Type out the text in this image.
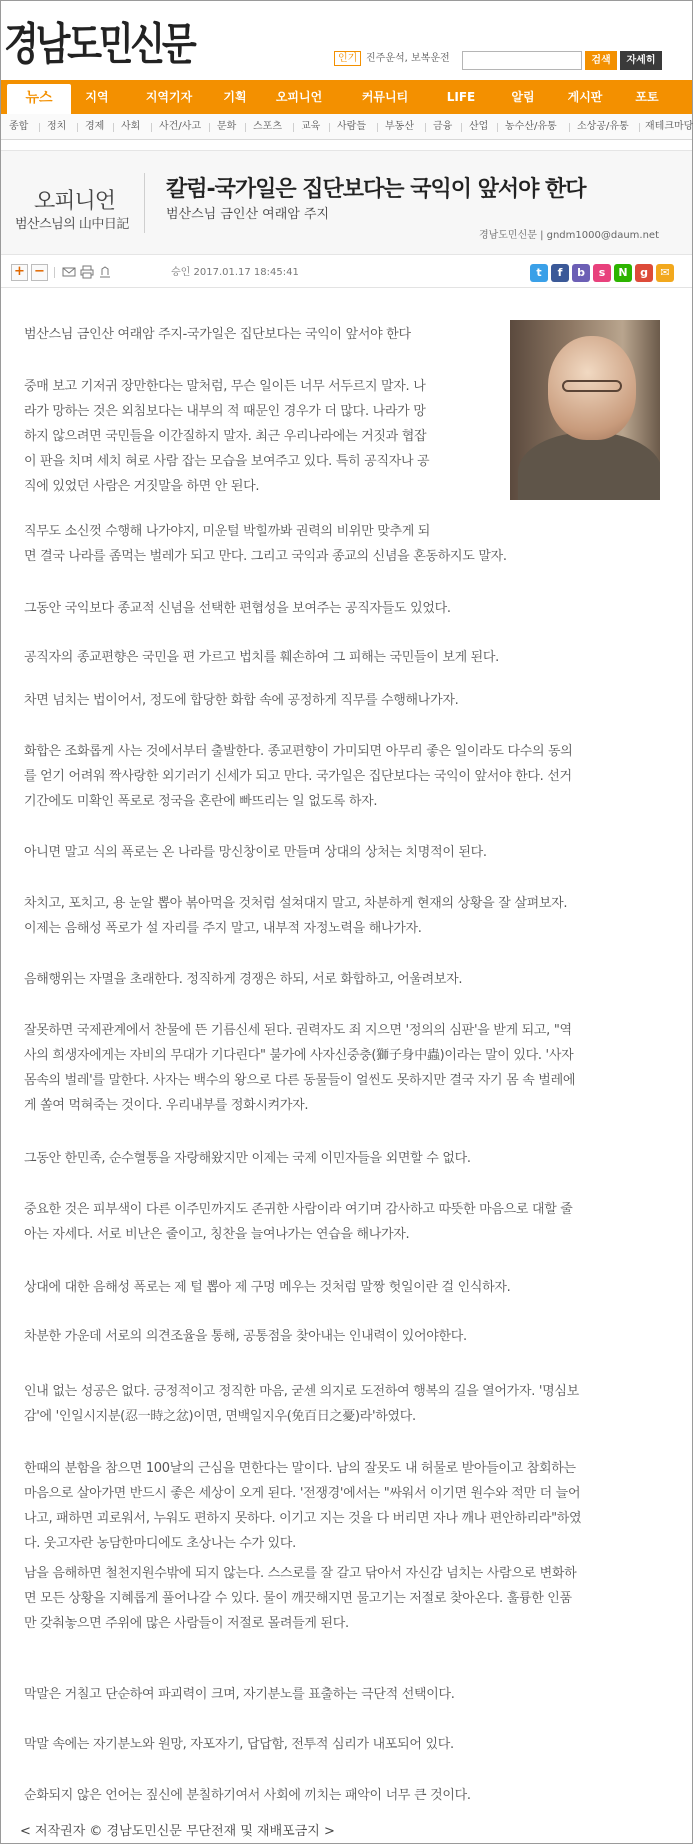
경남도민신문	인기 진주운석, 보복운전	검색	자세히
뉴스	지역	지역기자	기획	오피니언	커뮤니티	LIFE	알림	게시판	포토
종합 정치 경제 사회 사건/사고 문화 스포츠 교육 사람들 부동산 금융 산업 농수산/유통 소상공/유통 재테크마당
오피니언
범산스님의 山中日記
칼럼-국가일은 집단보다는 국익이 앞서야 한다
범산스님 금인산 여래암 주지
경남도민신문 | gndm1000@daum.net
+ −	승인 2017.01.17 18:45:41	t	f	b	s	N	g	✉
범산스님 금인산 여래암 주지-국가일은 집단보다는 국익이 앞서야 한다
중매 보고 기저귀 장만한다는 말처럼, 무슨 일이든 너무 서두르지 말자. 나
라가 망하는 것은 외침보다는 내부의 적 때문인 경우가 더 많다. 나라가 망
하지 않으려면 국민들을 이간질하지 말자. 최근 우리나라에는 거짓과 협잡
이 판을 치며 세치 혀로 사람 잡는 모습을 보여주고 있다. 특히 공직자나 공
직에 있었던 사람은 거짓말을 하면 안 된다.
직무도 소신껏 수행해 나가야지, 미운털 박힐까봐 권력의 비위만 맞추게 되
면 결국 나라를 좀먹는 벌레가 되고 만다. 그리고 국익과 종교의 신념을 혼동하지도 말자.
그동안 국익보다 종교적 신념을 선택한 편협성을 보여주는 공직자들도 있었다.
공직자의 종교편향은 국민을 편 가르고 법치를 훼손하여 그 피해는 국민들이 보게 된다.
차면 넘치는 법이어서, 정도에 합당한 화합 속에 공정하게 직무를 수행해나가자.
화합은 조화롭게 사는 것에서부터 출발한다. 종교편향이 가미되면 아무리 좋은 일이라도 다수의 동의
를 얻기 어려워 짝사랑한 외기러기 신세가 되고 만다. 국가일은 집단보다는 국익이 앞서야 한다. 선거
기간에도 미확인 폭로로 정국을 혼란에 빠뜨리는 일 없도록 하자.
아니면 말고 식의 폭로는 온 나라를 망신창이로 만들며 상대의 상처는 치명적이 된다.
차치고, 포치고, 용 눈알 뽑아 볶아먹을 것처럼 설쳐대지 말고, 차분하게 현재의 상황을 잘 살펴보자.
이제는 음해성 폭로가 설 자리를 주지 말고, 내부적 자정노력을 해나가자.
음해행위는 자멸을 초래한다. 정직하게 경쟁은 하되, 서로 화합하고, 어울려보자.
잘못하면 국제관계에서 찬물에 뜬 기름신세 된다. 권력자도 죄 지으면 '정의의 심판'을 받게 되고, "역
사의 희생자에게는 자비의 무대가 기다린다" 불가에 사자신중충(獅子身中蟲)이라는 말이 있다. '사자
몸속의 벌레'를 말한다. 사자는 백수의 왕으로 다른 동물들이 얼씬도 못하지만 결국 자기 몸 속 벌레에
게 쏠여 먹혀죽는 것이다. 우리내부를 정화시켜가자.
그동안 한민족, 순수혈통을 자랑해왔지만 이제는 국제 이민자들을 외면할 수 없다.
중요한 것은 피부색이 다른 이주민까지도 존귀한 사람이라 여기며 감사하고 따뜻한 마음으로 대할 줄
아는 자세다. 서로 비난은 줄이고, 칭찬을 늘여나가는 연습을 해나가자.
상대에 대한 음해성 폭로는 제 털 뽑아 제 구멍 메우는 것처럼 말짱 헛일이란 걸 인식하자.
차분한 가운데 서로의 의견조율을 통해, 공통점을 찾아내는 인내력이 있어야한다.
인내 없는 성공은 없다. 긍정적이고 정직한 마음, 굳센 의지로 도전하여 행복의 길을 열어가자. '명심보
감'에 '인일시지분(忍一時之忿)이면, 면백일지우(免百日之憂)라'하였다.
한때의 분함을 참으면 100날의 근심을 면한다는 말이다. 남의 잘못도 내 허물로 받아들이고 참회하는
마음으로 살아가면 반드시 좋은 세상이 오게 된다. '전쟁경'에서는 "싸워서 이기면 원수와 적만 더 늘어
나고, 패하면 괴로워서, 누워도 편하지 못하다. 이기고 지는 것을 다 버리면 자나 깨나 편안하리라"하였
다. 웃고자란 농담한마디에도 초상나는 수가 있다.
남을 음해하면 철천지원수밖에 되지 않는다. 스스로를 잘 갈고 닦아서 자신감 넘치는 사람으로 변화하
면 모든 상황을 지혜롭게 풀어나갈 수 있다. 물이 깨끗해지면 물고기는 저절로 찾아온다. 훌륭한 인품
만 갖춰놓으면 주위에 많은 사람들이 저절로 몰려들게 된다.
막말은 거칠고 단순하여 파괴력이 크며, 자기분노를 표출하는 극단적 선택이다.
막말 속에는 자기분노와 원망, 자포자기, 답답함, 전투적 심리가 내포되어 있다.
순화되지 않은 언어는 짚신에 분칠하기여서 사회에 끼치는 패악이 너무 큰 것이다.
< 저작권자 © 경남도민신문 무단전재 및 재배포금지 >
